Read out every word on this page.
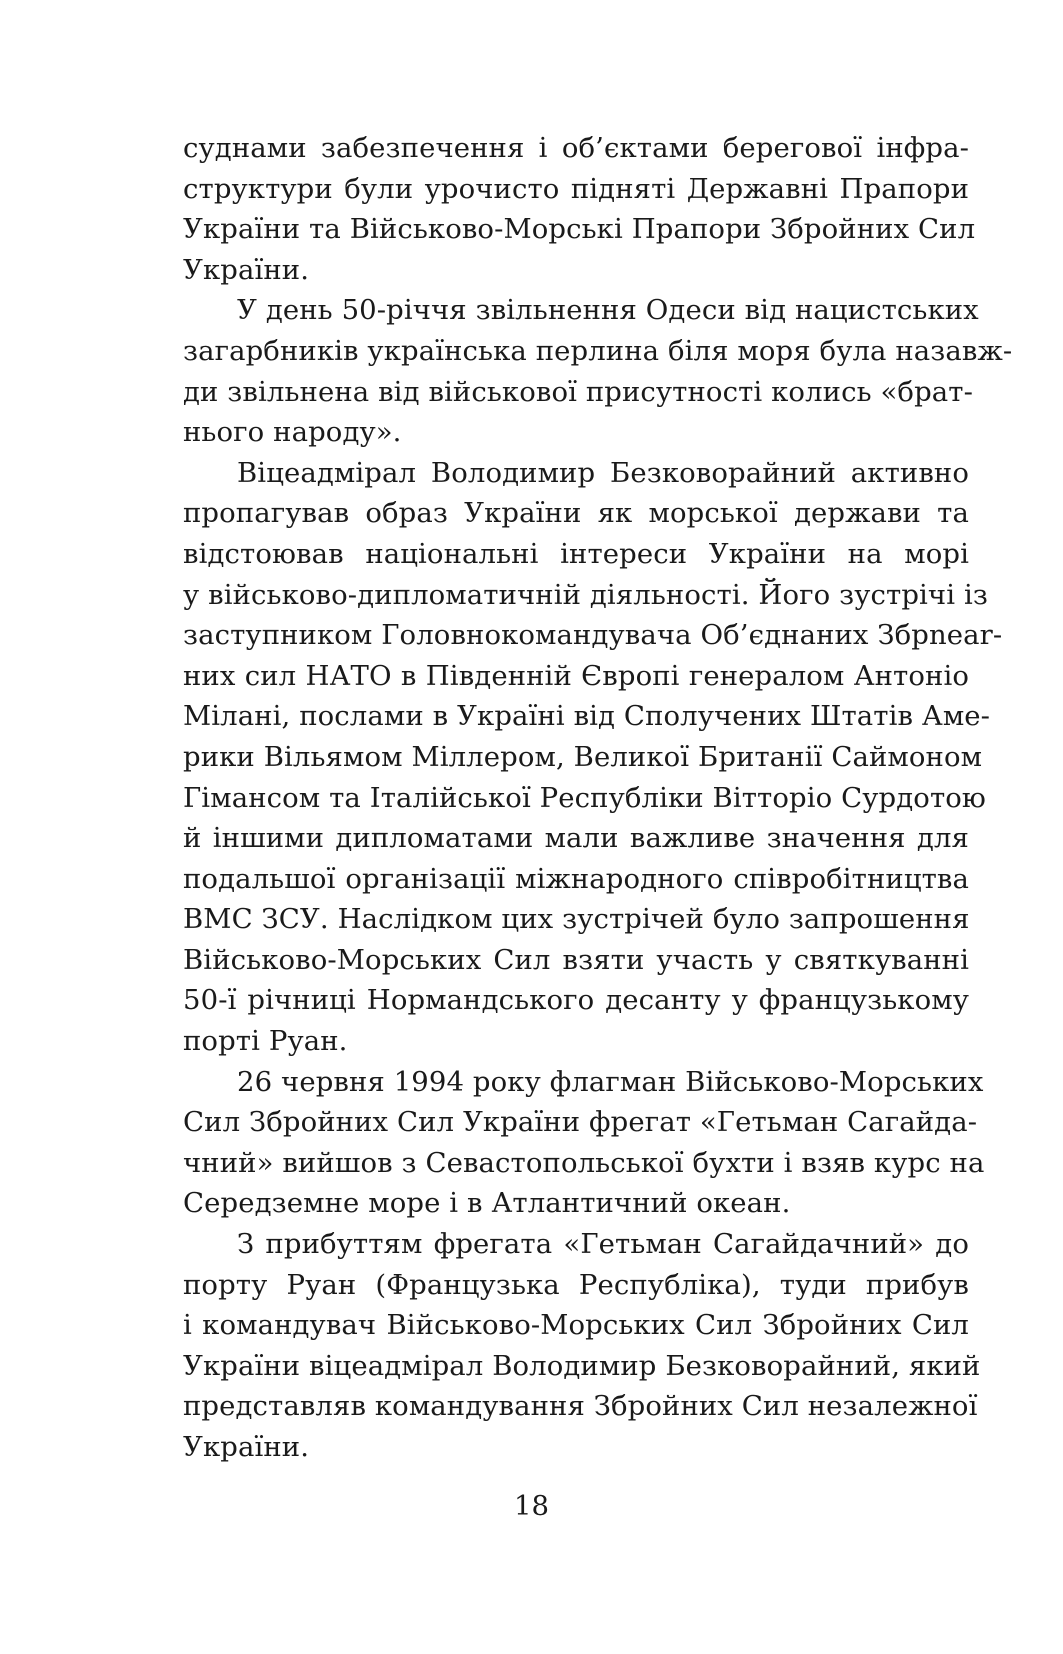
суднами забезпечення і об’єктами берегової інфра-
структури були урочисто підняті Державні Прапори
України та Військово-Морські Прапори Збройних Сил
України.

У день 50-річчя звільнення Одеси від нацистських
загарбників українська перлина біля моря була назавж-
ди звільнена від військової присутності колись «брат-
нього народу».

Віцеадмірал Володимир Безковорайний активно
пропагував образ України як морської держави та
відстоював національні інтереси України на морі
у військово-дипломатичній діяльності. Його зустрічі із
заступником Головнокомандувача Об’єднаних Збрnear-
них сил НАТО в Південній Європі генералом Антоніо
Мілані, послами в Україні від Сполучених Штатів Аме-
рики Вільямом Міллером, Великої Британії Саймоном
Гімансом та Італійської Республіки Вітторіо Сурдотою
й іншими дипломатами мали важливе значення для
подальшої організації міжнародного співробітництва
ВМС ЗСУ. Наслідком цих зустрічей було запрошення
Військово-Морських Сил взяти участь у святкуванні
50-ї річниці Нормандського десанту у французькому
порті Руан.

26 червня 1994 року флагман Військово-Морських
Сил Збройних Сил України фрегат «Гетьман Сагайда-
чний» вийшов з Севастопольської бухти і взяв курс на
Середземне море і в Атлантичний океан.

З прибуттям фрегата «Гетьман Сагайдачний» до
порту Руан (Французька Республіка), туди прибув
і командувач Військово-Морських Сил Збройних Сил
України віцеадмірал Володимир Безковорайний, який
представляв командування Збройних Сил незалежної
України.

18
